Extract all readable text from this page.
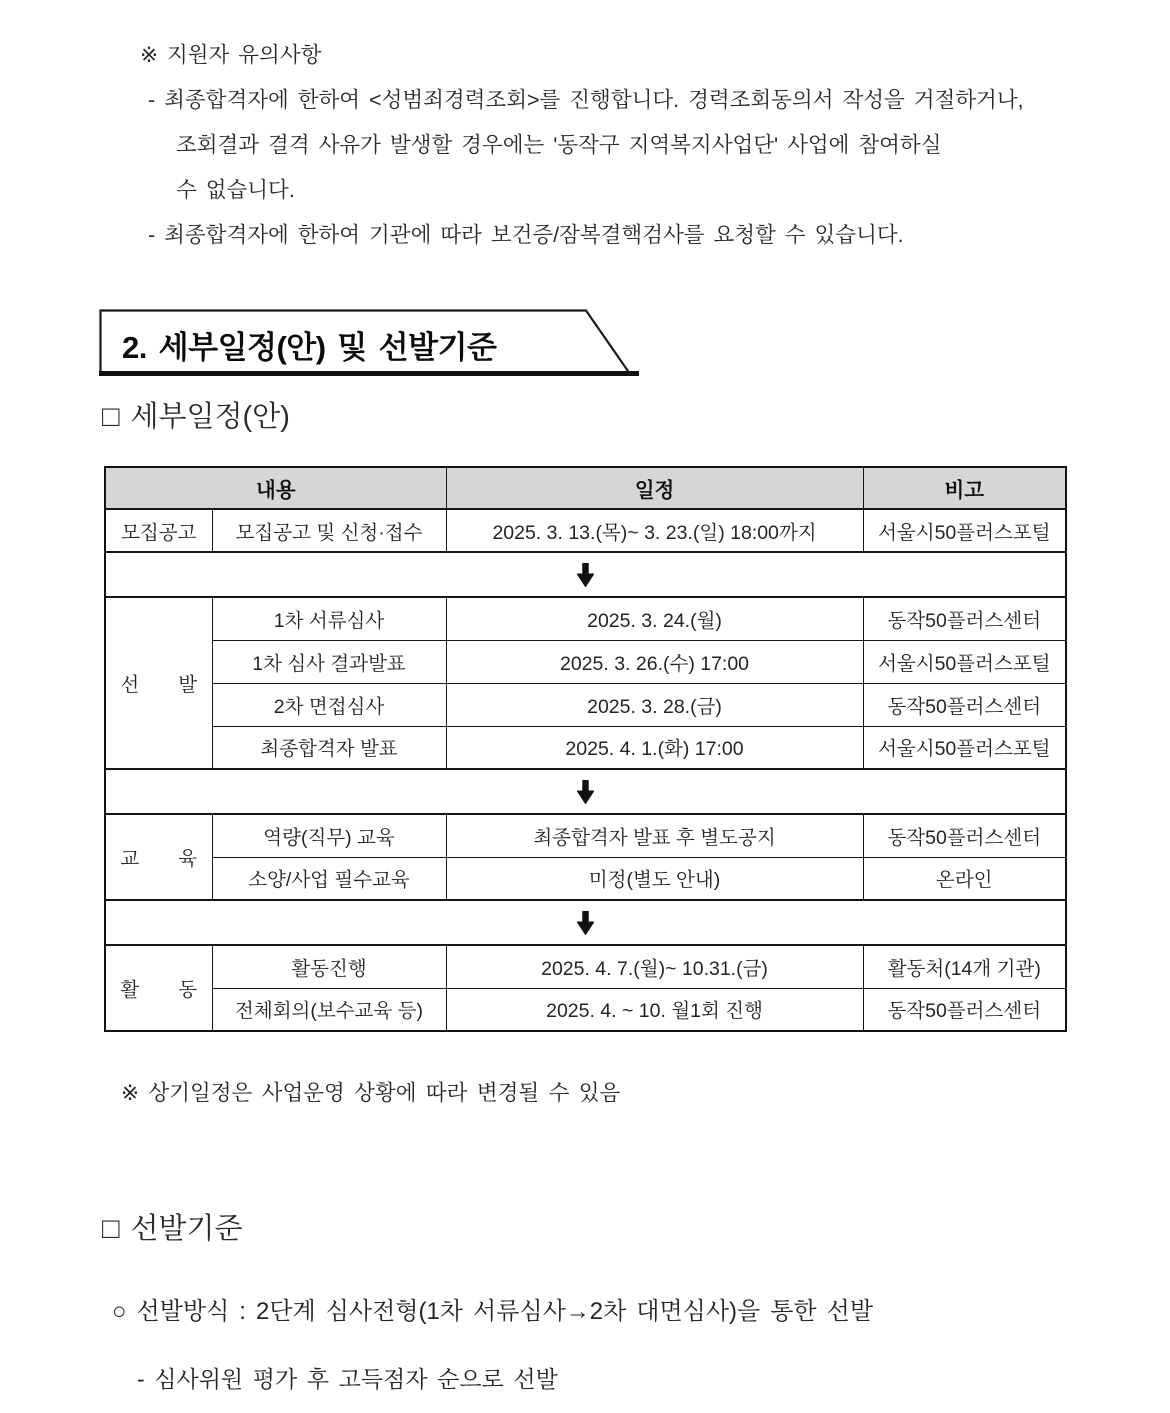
※ 지원자 유의사항
- 최종합격자에 한하여 <성범죄경력조회>를 진행합니다. 경력조회동의서 작성을 거절하거나,
조회결과 결격 사유가 발생할 경우에는 '동작구 지역복지사업단' 사업에 참여하실
수 없습니다.
- 최종합격자에 한하여 기관에 따라 보건증/잠복결핵검사를 요청할 수 있습니다.
2. 세부일정(안) 및 선발기준
□ 세부일정(안)
내용		일정	비고
모집공고	모집공고 및 신청·접수	2025. 3. 13.(목)~ 3. 23.(일) 18:00까지	서울시50플러스포털

선　　발	1차 서류심사	2025. 3. 24.(월)	동작50플러스센터
	1차 심사 결과발표	2025. 3. 26.(수) 17:00	서울시50플러스포털
	2차 면접심사	2025. 3. 28.(금)	동작50플러스센터
	최종합격자 발표	2025. 4. 1.(화) 17:00	서울시50플러스포털

교　　육	역량(직무) 교육	최종합격자 발표 후 별도공지	동작50플러스센터
	소양/사업 필수교육	미정(별도 안내)	온라인

활　　동	활동진행	2025. 4. 7.(월)~ 10.31.(금)	활동처(14개 기관)
	전체회의(보수교육 등)	2025. 4. ~ 10. 월1회 진행	동작50플러스센터
※ 상기일정은 사업운영 상황에 따라 변경될 수 있음
□ 선발기준
○ 선발방식 : 2단계 심사전형(1차 서류심사→2차 대면심사)을 통한 선발
- 심사위원 평가 후 고득점자 순으로 선발
